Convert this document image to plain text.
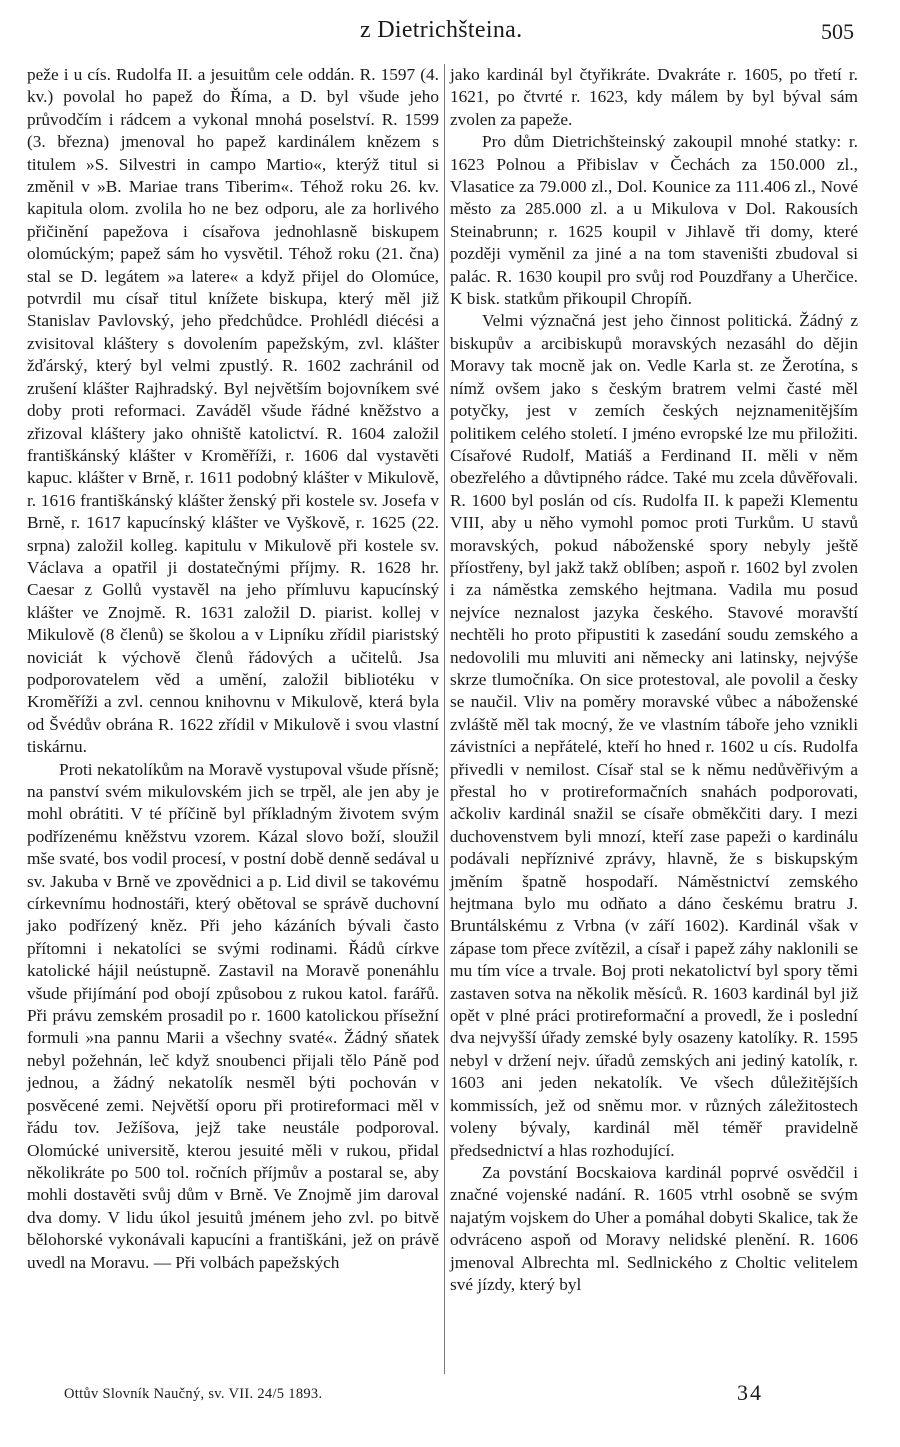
z Dietrichšteina.	505

peže i u cís. Rudolfa II. a jesuitům cele oddán. R. 1597 (4. kv.) povolal ho papež do Říma, a D. byl všude jeho průvodčím i rádcem a vykonal mnohá poselství. R. 1599 (3. března) jmenoval ho papež kardinálem knězem s titulem »S. Silvestri in campo Martio«, kterýž titul si změnil v »B. Mariae trans Tiberim«. Téhož roku 26. kv. kapitula olom. zvolila ho ne bez odporu, ale za horlivého přičinění papežova i císařova jednohlasně biskupem olomúckým; papež sám ho vysvětil. Téhož roku (21. čna) stal se D. legátem »a latere« a když přijel do Olomúce, potvrdil mu císař titul knížete biskupa, který měl již Stanislav Pavlovský, jeho předchůdce. Prohlédl diécési a zvisitoval kláštery s dovolením papežským, zvl. klášter žďárský, který byl velmi zpustlý. R. 1602 zachránil od zrušení klášter Rajhradský. Byl největším bojovníkem své doby proti reformaci. Zaváděl všude řádné kněžstvo a zřizoval kláštery jako ohniště katolictví. R. 1604 založil františkánský klášter v Kroměříži, r. 1606 dal vystavěti kapuc. klášter v Brně, r. 1611 podobný klášter v Mikulově, r. 1616 františkánský klášter ženský při kostele sv. Josefa v Brně, r. 1617 kapucínský klášter ve Vyškově, r. 1625 (22. srpna) založil kolleg. kapitulu v Mikulově při kostele sv. Václava a opatřil ji dostatečnými příjmy. R. 1628 hr. Caesar z Gollů vystavěl na jeho přímluvu kapucínský klášter ve Znojmě. R. 1631 založil D. piarist. kollej v Mikulově (8 členů) se školou a v Lipníku zřídil piaristský noviciát k výchově členů řádových a učitelů. Jsa podporovatelem věd a umění, založil bibliotéku v Kroměříži a zvl. cennou knihovnu v Mikulově, která byla od Švédův obrána R. 1622 zřídil v Mikulově i svou vlastní tiskárnu.

Proti nekatolíkům na Moravě vystupoval všude přísně; na panství svém mikulovském jich se trpěl, ale jen aby je mohl obrátiti. V té příčině byl příkladným životem svým podřízenému kněžstvu vzorem. Kázal slovo boží, sloužil mše svaté, bos vodil procesí, v postní době denně sedával u sv. Jakuba v Brně ve zpovědnici a p. Lid divil se takovému církevnímu hodnostáři, který obětoval se správě duchovní jako podřízený kněz. Při jeho kázáních bývali často přítomni i nekatolíci se svými rodinami. Řádů církve katolické hájil neústupně. Zastavil na Moravě ponenáhlu všude přijímání pod obojí způsobou z rukou katol. farářů. Při právu zemském prosadil po r. 1600 katolickou přísežní formuli »na pannu Marii a všechny svaté«. Žádný sňatek nebyl požehnán, leč když snoubenci přijali tělo Páně pod jednou, a žádný nekatolík nesměl býti pochován v posvěcené zemi. Největší oporu při protireformaci měl v řádu tov. Ježíšova, jejž take neustále podporoval. Olomúcké universitě, kterou jesuité měli v rukou, přidal několikráte po 500 tol. ročních příjmův a postaral se, aby mohli dostavěti svůj dům v Brně. Ve Znojmě jim daroval dva domy. V lidu úkol jesuitů jménem jeho zvl. po bitvě bělohorské vykonávali kapucíni a františkáni, jež on právě uvedl na Moravu. — Při volbách papežských

jako kardinál byl čtyřikráte. Dvakráte r. 1605, po třetí r. 1621, po čtvrté r. 1623, kdy málem by byl býval sám zvolen za papeže.

Pro dům Dietrichšteinský zakoupil mnohé statky: r. 1623 Polnou a Přibislav v Čechách za 150.000 zl., Vlasatice za 79.000 zl., Dol. Kounice za 111.406 zl., Nové město za 285.000 zl. a u Mikulova v Dol. Rakousích Steinabrunn; r. 1625 koupil v Jihlavě tři domy, které později vyměnil za jiné a na tom staveništi zbudoval si palác. R. 1630 koupil pro svůj rod Pouzdřany a Uherčice. K bisk. statkům přikoupil Chropíň.

Velmi význačná jest jeho činnost politická. Žádný z biskupův a arcibiskupů moravských nezasáhl do dějin Moravy tak mocně jak on. Vedle Karla st. ze Žerotína, s nímž ovšem jako s českým bratrem velmi časté měl potyčky, jest v zemích českých nejznamenitějším politikem celého století. I jméno evropské lze mu přiložiti. Císařové Rudolf, Matiáš a Ferdinand II. měli v něm obezřelého a důvtipného rádce. Také mu zcela důvěřovali. R. 1600 byl poslán od cís. Rudolfa II. k papeži Klementu VIII, aby u něho vymohl pomoc proti Turkům. U stavů moravských, pokud náboženské spory nebyly ještě příostřeny, byl jakž takž oblíben; aspoň r. 1602 byl zvolen i za náměstka zemského hejtmana. Vadila mu posud nejvíce neznalost jazyka českého. Stavové moravští nechtěli ho proto připustiti k zasedání soudu zemského a nedovolili mu mluviti ani německy ani latinsky, nejvýše skrze tlumočníka. On sice protestoval, ale povolil a česky se naučil. Vliv na poměry moravské vůbec a náboženské zvláště měl tak mocný, že ve vlastním táboře jeho vznikli závistníci a nepřátelé, kteří ho hned r. 1602 u cís. Rudolfa přivedli v nemilost. Císař stal se k němu nedůvěřivým a přestal ho v protireformačních snahách podporovati, ačkoliv kardinál snažil se císaře obměkčiti dary. I mezi duchovenstvem byli mnozí, kteří zase papeži o kardinálu podávali nepříznivé zprávy, hlavně, že s biskupským jměním špatně hospodaří. Náměstnictví zemského hejtmana bylo mu odňato a dáno českému bratru J. Bruntálskému z Vrbna (v září 1602). Kardinál však v zápase tom přece zvítězil, a císař i papež záhy naklonili se mu tím více a trvale. Boj proti nekatolictví byl spory těmi zastaven sotva na několik měsíců. R. 1603 kardinál byl již opět v plné práci protireformační a provedl, že i poslední dva nejvyšší úřady zemské byly osazeny katolíky. R. 1595 nebyl v držení nejv. úřadů zemských ani jediný katolík, r. 1603 ani jeden nekatolík. Ve všech důležitějších kommissích, jež od sněmu mor. v různých záležitostech voleny bývaly, kardinál měl téměř pravidelně předsednictví a hlas rozhodující.

Za povstání Bocskaiova kardinál poprvé osvědčil i značné vojenské nadání. R. 1605 vtrhl osobně se svým najatým vojskem do Uher a pomáhal dobyti Skalice, tak že odvráceno aspoň od Moravy nelidské plenění. R. 1606 jmenoval Albrechta ml. Sedlnického z Choltic velitelem své jízdy, který byl

Ottův Slovník Naučný, sv. VII. 24/5 1893.	34
